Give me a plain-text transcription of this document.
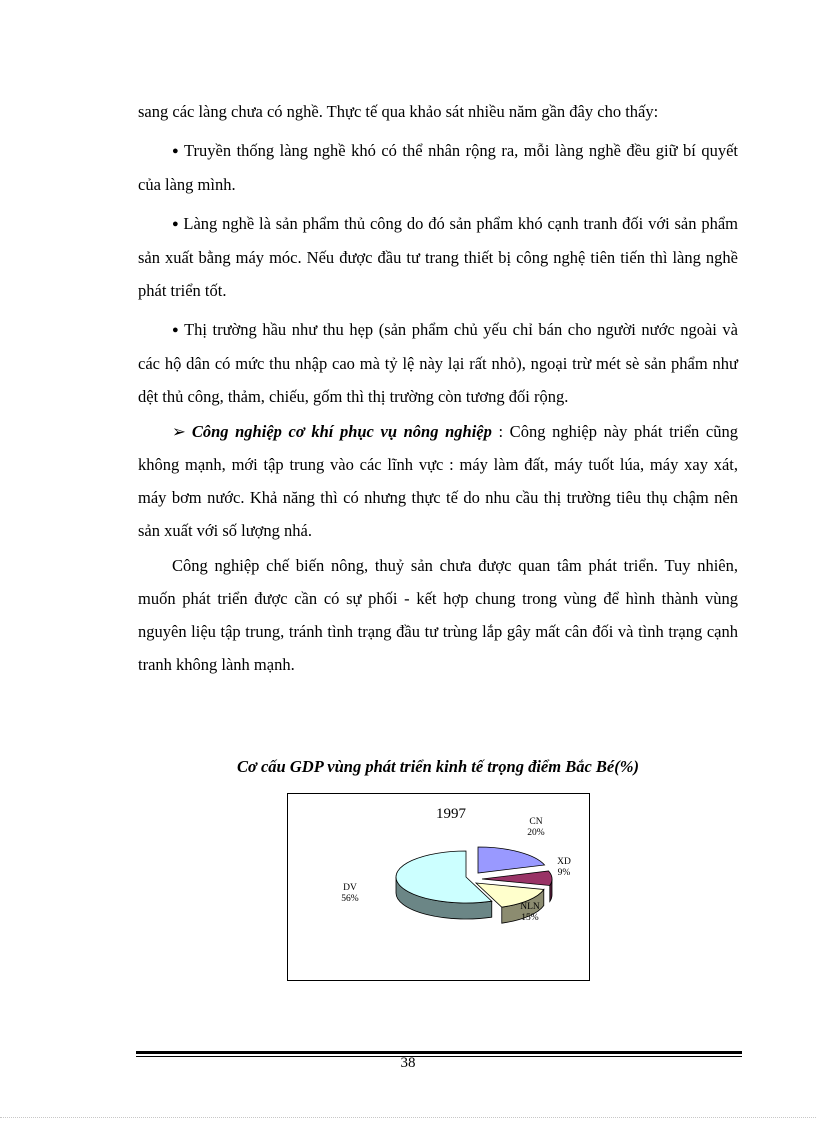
sang các làng chưa có nghề. Thực tế qua khảo sát nhiều năm gần đây cho thấy:

● Truyền thống làng nghề khó có thể nhân rộng ra, mỗi làng nghề đều giữ bí quyết của làng mình.

● Làng nghề là sản phẩm thủ công do đó sản phẩm khó cạnh tranh đối với sản phẩm sản xuất bằng máy móc. Nếu được đầu tư trang thiết bị công nghệ tiên tiến thì làng nghề phát triển tốt.

● Thị trường hầu như thu hẹp (sản phẩm chủ yếu chỉ bán cho người nước ngoài và các hộ dân có mức thu nhập cao mà tỷ lệ này lại rất nhỏ), ngoại trừ mét sè sản phẩm như dệt thủ công, thảm, chiếu, gốm thì thị trường còn tương đối rộng.

➢ Công nghiệp cơ khí phục vụ nông nghiệp : Công nghiệp này phát triển cũng không mạnh, mới tập trung vào các lĩnh vực : máy làm đất, máy tuốt lúa, máy xay xát, máy bơm nước. Khả năng thì có nhưng thực tế do nhu cầu thị trường tiêu thụ chậm nên sản xuất với số lượng nhá.

Công nghiệp chế biến nông, thuỷ sản chưa được quan tâm phát triển. Tuy nhiên, muốn phát triển được cần có sự phối - kết hợp chung trong vùng để hình thành vùng nguyên liệu tập trung, tránh tình trạng đầu tư trùng lắp gây mất cân đối và tình trạng cạnh tranh không lành mạnh.

Cơ cấu GDP vùng phát triển kinh tế trọng điểm Bắc Bé(%)
1997	CN 20%
XD 9%
NLN 15%
DV 56%
38
